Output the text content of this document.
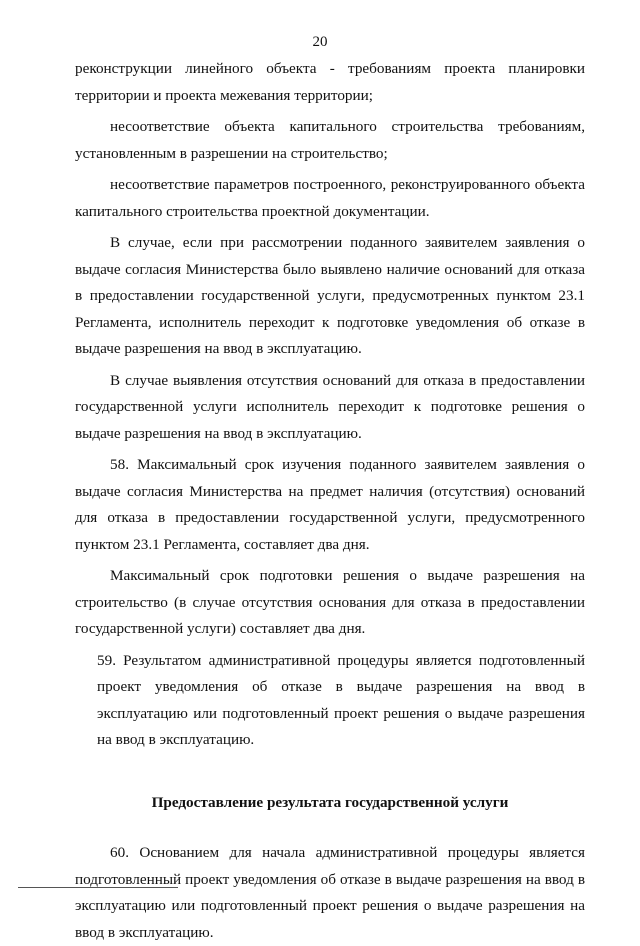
20

реконструкции линейного объекта - требованиям проекта планировки территории и проекта межевания территории;

несоответствие объекта капитального строительства требованиям, установленным в разрешении на строительство;

несоответствие параметров построенного, реконструированного объекта капитального строительства проектной документации.

В случае, если при рассмотрении поданного заявителем заявления о выдаче согласия Министерства было выявлено наличие оснований для отказа в предоставлении государственной услуги, предусмотренных пунктом 23.1 Регламента, исполнитель переходит к подготовке уведомления об отказе в выдаче разрешения на ввод в эксплуатацию.

В случае выявления отсутствия оснований для отказа в предоставлении государственной услуги исполнитель переходит к подготовке решения о выдаче разрешения на ввод в эксплуатацию.

58. Максимальный срок изучения поданного заявителем заявления о выдаче согласия Министерства на предмет наличия (отсутствия) оснований для отказа в предоставлении государственной услуги, предусмотренного пунктом 23.1 Регламента, составляет два дня.

Максимальный срок подготовки решения о выдаче разрешения на строительство (в случае отсутствия основания для отказа в предоставлении государственной услуги) составляет два дня.

59. Результатом административной процедуры является подготовленный проект уведомления об отказе в выдаче разрешения на ввод в эксплуатацию или подготовленный проект решения о выдаче разрешения на ввод в эксплуатацию.

Предоставление результата государственной услуги

60. Основанием для начала административной процедуры является подготовленный проект уведомления об отказе в выдаче разрешения на ввод в эксплуатацию или подготовленный проект решения о выдаче разрешения на ввод в эксплуатацию.
